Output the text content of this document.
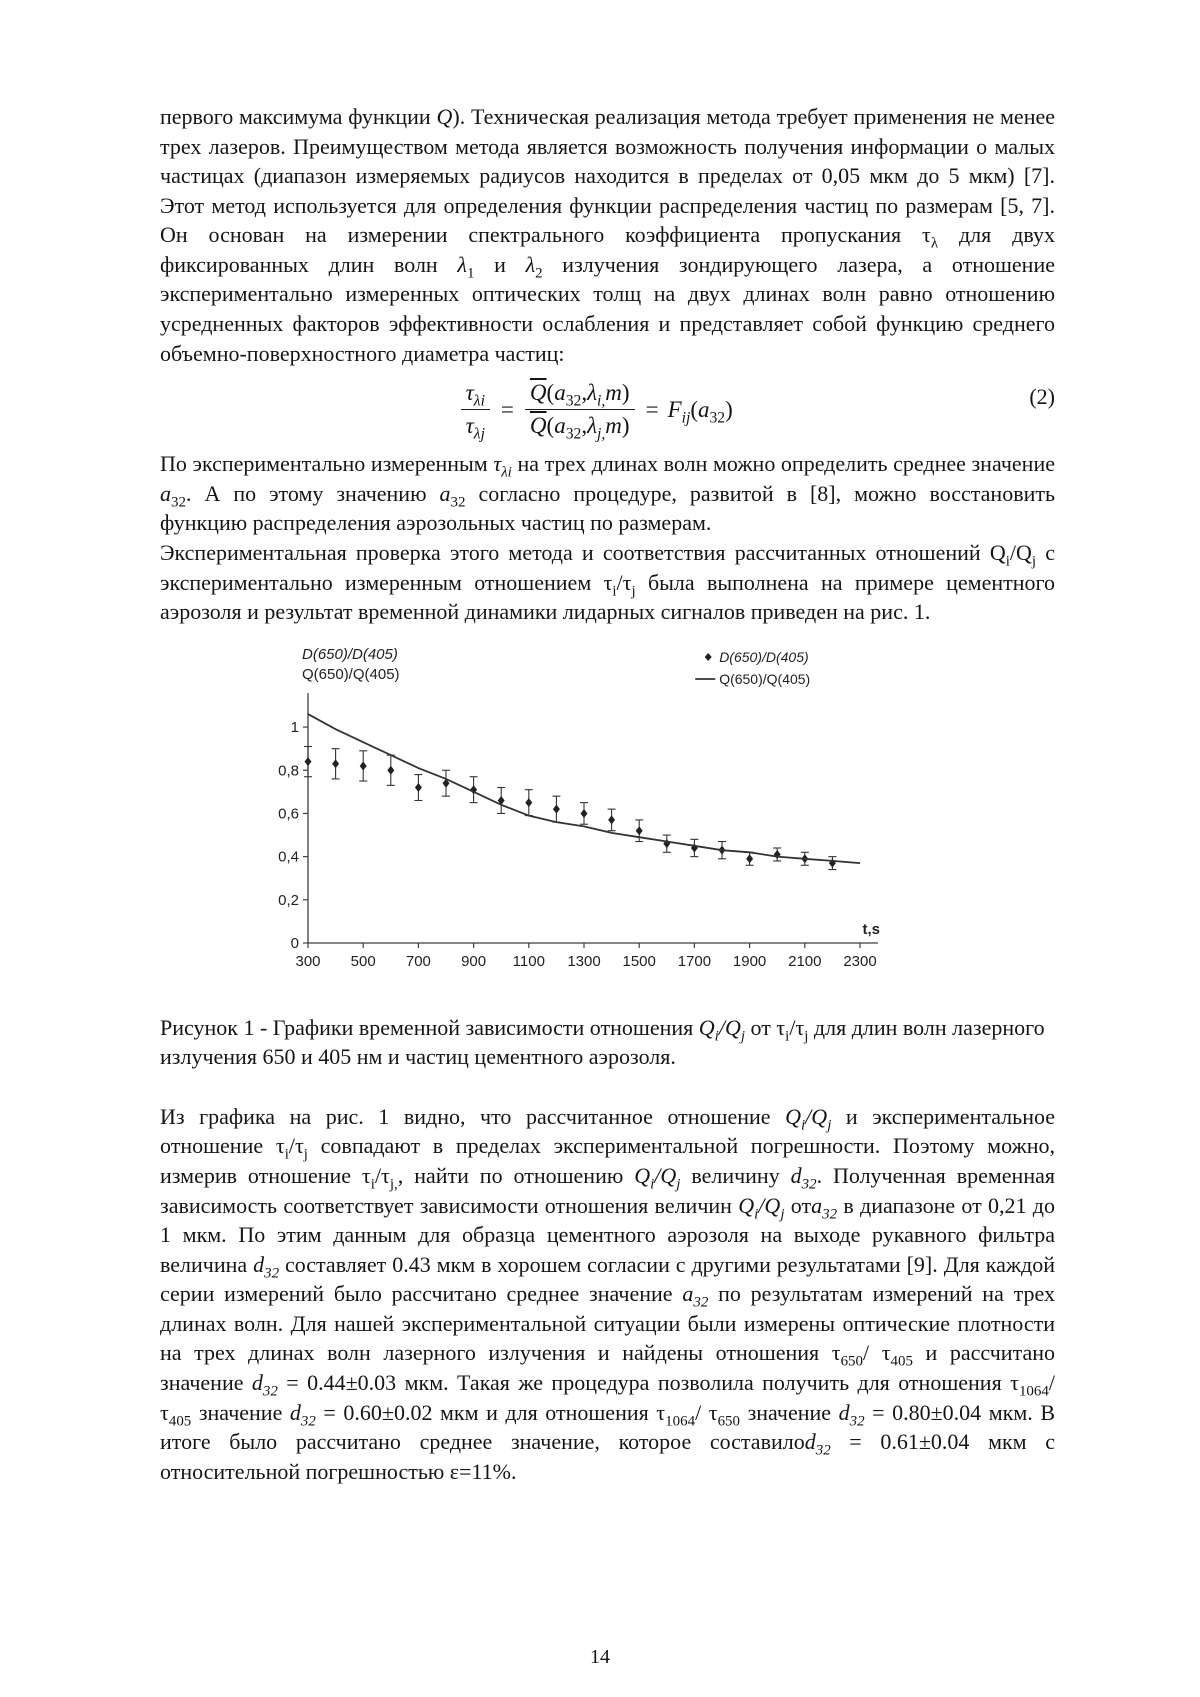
первого максимума функции Q). Техническая реализация метода требует применения не менее трех лазеров. Преимуществом метода является возможность получения информации о малых частицах (диапазон измеряемых радиусов находится в пределах от 0,05 мкм до 5 мкм) [7]. Этот метод используется для определения функции распределения частиц по размерам [5, 7]. Он основан на измерении спектрального коэффициента пропускания $\tau_\lambda$ для двух фиксированных длин волн $\lambda_1$ и $\lambda_2$ излучения зондирующего лазера, а отношение экспериментально измеренных оптических толщ на двух длинах волн равно отношению усредненных факторов эффективности ослабления и представляет собой функцию среднего объемно-поверхностного диаметра частиц:

$\frac{\tau_{\lambda i}}{\tau_{\lambda j}} = \frac{\overline{Q}(a_{32},\lambda_{i,}m)}{\overline{Q}(a_{32},\lambda_{j,}m)} = F_{ij}(a_{32})$	(2)

По экспериментально измеренным $\tau_{\lambda i}$ на трех длинах волн можно определить среднее значение $a_{32}$. А по этому значению $a_{32}$ согласно процедуре, развитой в [8], можно восстановить функцию распределения аэрозольных частиц по размерам.

Экспериментальная проверка этого метода и соответствия рассчитанных отношений $Q_i/Q_j$ с экспериментально измеренным отношением $\tau_i/\tau_j$ была выполнена на примере цементного аэрозоля и результат временной динамики лидарных сигналов приведен на рис. 1.

0
0,2
0,4
0,6
0,8
1
300 500 700 900 1100 1300 1500 1700 1900 2100 2300
t,s
D(650)/D(405)
Q(650)/Q(405)
D(650)/D(405)
Q(650)/Q(405)

Рисунок 1 - Графики временной зависимости отношения $Q_i/Q_j$ от $\tau_i/\tau_j$ для длин волн лазерного излучения 650 и 405 нм и частиц цементного аэрозоля.

Из графика на рис. 1 видно, что рассчитанное отношение $Q_i/Q_j$ и экспериментальное отношение $\tau_i/\tau_j$ совпадают в пределах экспериментальной погрешности. Поэтому можно, измерив отношение $\tau_i/\tau_{j,}$, найти по отношению $Q_i/Q_j$ величину $d_{32}$. Полученная временная зависимость соответствует зависимости отношения величин $Q_i/Q_j$ отa$_{32}$ в диапазоне от 0,21 до 1 мкм. По этим данным для образца цементного аэрозоля на выходе рукавного фильтра величина $d_{32}$ составляет 0.43 мкм в хорошем согласии с другими результатами [9]. Для каждой серии измерений было рассчитано среднее значение $a_{32}$ по результатам измерений на трех длинах волн. Для нашей экспериментальной ситуации были измерены оптические плотности на трех длинах волн лазерного излучения и найдены отношения $\tau_{650}/$ $\tau_{405}$ и рассчитано значение $d_{32} = 0.44\pm 0.03$ мкм. Такая же процедура позволила получить для отношения $\tau_{1064}/$ $\tau_{405}$ значение $d_{32} = 0.60\pm 0.02$ мкм и для отношения $\tau_{1064}/$ $\tau_{650}$ значение $d_{32} = 0.80\pm 0.04$ мкм. В итоге было рассчитано среднее значение, которое составилоd$_{32}$ = 0.61±0.04 мкм с относительной погрешностью ε=11%.

14
